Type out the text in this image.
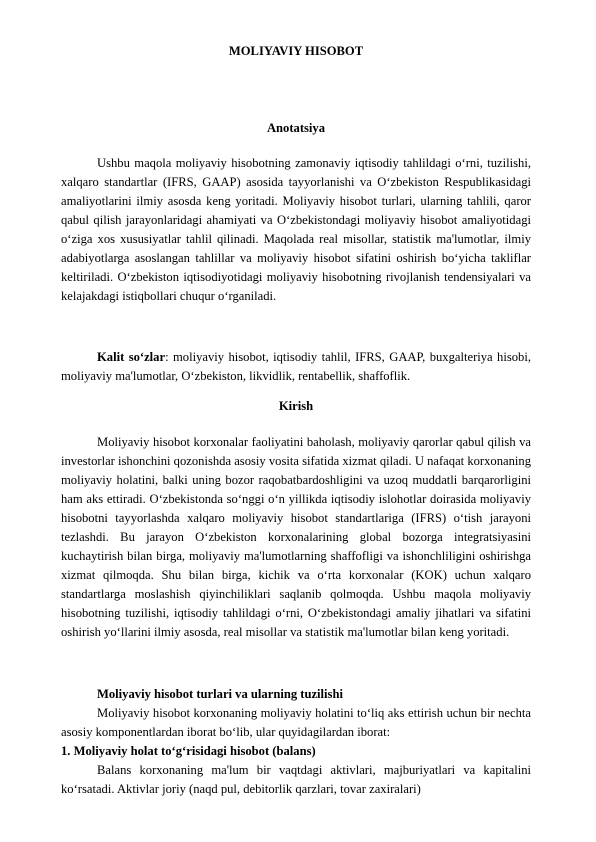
MOLIYAVIY HISOBOT
Anotatsiya

Ushbu maqola moliyaviy hisobotning zamonaviy iqtisodiy tahlildagi o‘rni, tuzilishi, xalqaro standartlar (IFRS, GAAP) asosida tayyorlanishi va O‘zbekiston Respublikasidagi amaliyotlarini ilmiy asosda keng yoritadi. Moliyaviy hisobot turlari, ularning tahlili, qaror qabul qilish jarayonlaridagi ahamiyati va O‘zbekistondagi moliyaviy hisobot amaliyotidagi o‘ziga xos xususiyatlar tahlil qilinadi. Maqolada real misollar, statistik ma'lumotlar, ilmiy adabiyotlarga asoslangan tahlillar va moliyaviy hisobot sifatini oshirish bo‘yicha takliflar keltiriladi. O‘zbekiston iqtisodiyotidagi moliyaviy hisobotning rivojlanish tendensiyalari va kelajakdagi istiqbollari chuqur o‘rganiladi.

Kalit so‘zlar: moliyaviy hisobot, iqtisodiy tahlil, IFRS, GAAP, buxgalteriya hisobi, moliyaviy ma'lumotlar, O‘zbekiston, likvidlik, rentabellik, shaffoflik.

Kirish

Moliyaviy hisobot korxonalar faoliyatini baholash, moliyaviy qarorlar qabul qilish va investorlar ishonchini qozonishda asosiy vosita sifatida xizmat qiladi. U nafaqat korxonaning moliyaviy holatini, balki uning bozor raqobatbardoshligini va uzoq muddatli barqarorligini ham aks ettiradi. O‘zbekistonda so‘nggi o‘n yillikda iqtisodiy islohotlar doirasida moliyaviy hisobotni tayyorlashda xalqaro moliyaviy hisobot standartlariga (IFRS) o‘tish jarayoni tezlashdi. Bu jarayon O‘zbekiston korxonalarining global bozorga integratsiyasini kuchaytirish bilan birga, moliyaviy ma'lumotlarning shaffofligi va ishonchliligini oshirishga xizmat qilmoqda. Shu bilan birga, kichik va o‘rta korxonalar (KOK) uchun xalqaro standartlarga moslashish qiyinchiliklari saqlanib qolmoqda. Ushbu maqola moliyaviy hisobotning tuzilishi, iqtisodiy tahlildagi o‘rni, O‘zbekistondagi amaliy jihatlari va sifatini oshirish yo‘llarini ilmiy asosda, real misollar va statistik ma'lumotlar bilan keng yoritadi.

Moliyaviy hisobot turlari va ularning tuzilishi

Moliyaviy hisobot korxonaning moliyaviy holatini to‘liq aks ettirish uchun bir nechta asosiy komponentlardan iborat bo‘lib, ular quyidagilardan iborat:

1. Moliyaviy holat to‘g‘risidagi hisobot (balans)

Balans korxonaning ma'lum bir vaqtdagi aktivlari, majburiyatlari va kapitalini ko‘rsatadi. Aktivlar joriy (naqd pul, debitorlik qarzlari, tovar zaxiralari)
